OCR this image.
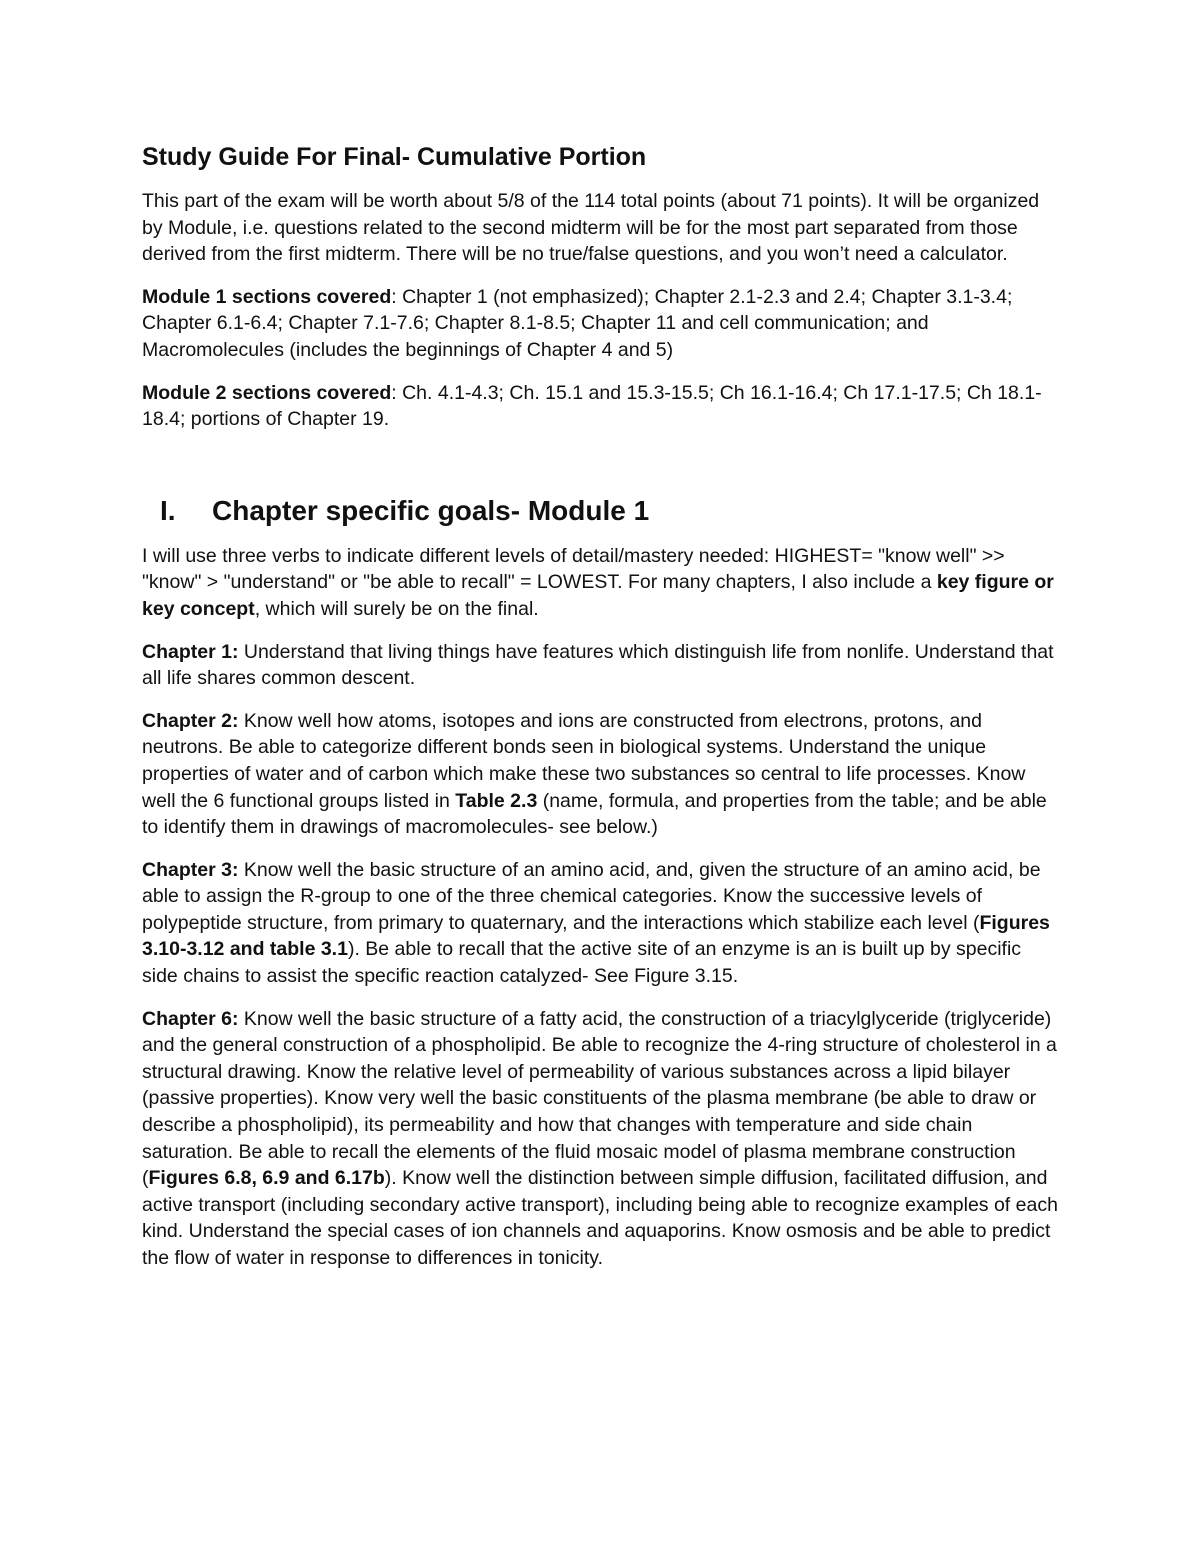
Study Guide For Final- Cumulative Portion

This part of the exam will be worth about 5/8 of the 114 total points (about 71 points). It will be organized by Module, i.e. questions related to the second midterm will be for the most part separated from those derived from the first midterm. There will be no true/false questions, and you won’t need a calculator.

Module 1 sections covered: Chapter 1 (not emphasized); Chapter 2.1-2.3 and 2.4; Chapter 3.1-3.4; Chapter 6.1-6.4; Chapter 7.1-7.6; Chapter 8.1-8.5; Chapter 11 and cell communication; and Macromolecules (includes the beginnings of Chapter 4 and 5)

Module 2 sections covered: Ch. 4.1-4.3; Ch. 15.1 and 15.3-15.5; Ch 16.1-16.4; Ch 17.1-17.5; Ch 18.1-18.4; portions of Chapter 19.

I.	Chapter specific goals- Module 1

I will use three verbs to indicate different levels of detail/mastery needed: HIGHEST= "know well" >> "know" > "understand" or "be able to recall" = LOWEST. For many chapters, I also include a key figure or key concept, which will surely be on the final.

Chapter 1: Understand that living things have features which distinguish life from nonlife. Understand that all life shares common descent.

Chapter 2: Know well how atoms, isotopes and ions are constructed from electrons, protons, and neutrons. Be able to categorize different bonds seen in biological systems. Understand the unique properties of water and of carbon which make these two substances so central to life processes. Know well the 6 functional groups listed in Table 2.3 (name, formula, and properties from the table; and be able to identify them in drawings of macromolecules- see below.)

Chapter 3: Know well the basic structure of an amino acid, and, given the structure of an amino acid, be able to assign the R-group to one of the three chemical categories. Know the successive levels of polypeptide structure, from primary to quaternary, and the interactions which stabilize each level (Figures 3.10-3.12 and table 3.1). Be able to recall that the active site of an enzyme is an is built up by specific side chains to assist the specific reaction catalyzed- See Figure 3.15.

Chapter 6: Know well the basic structure of a fatty acid, the construction of a triacylglyceride (triglyceride) and the general construction of a phospholipid. Be able to recognize the 4-ring structure of cholesterol in a structural drawing. Know the relative level of permeability of various substances across a lipid bilayer (passive properties). Know very well the basic constituents of the plasma membrane (be able to draw or describe a phospholipid), its permeability and how that changes with temperature and side chain saturation. Be able to recall the elements of the fluid mosaic model of plasma membrane construction (Figures 6.8, 6.9 and 6.17b). Know well the distinction between simple diffusion, facilitated diffusion, and active transport (including secondary active transport), including being able to recognize examples of each kind. Understand the special cases of ion channels and aquaporins. Know osmosis and be able to predict the flow of water in response to differences in tonicity.
